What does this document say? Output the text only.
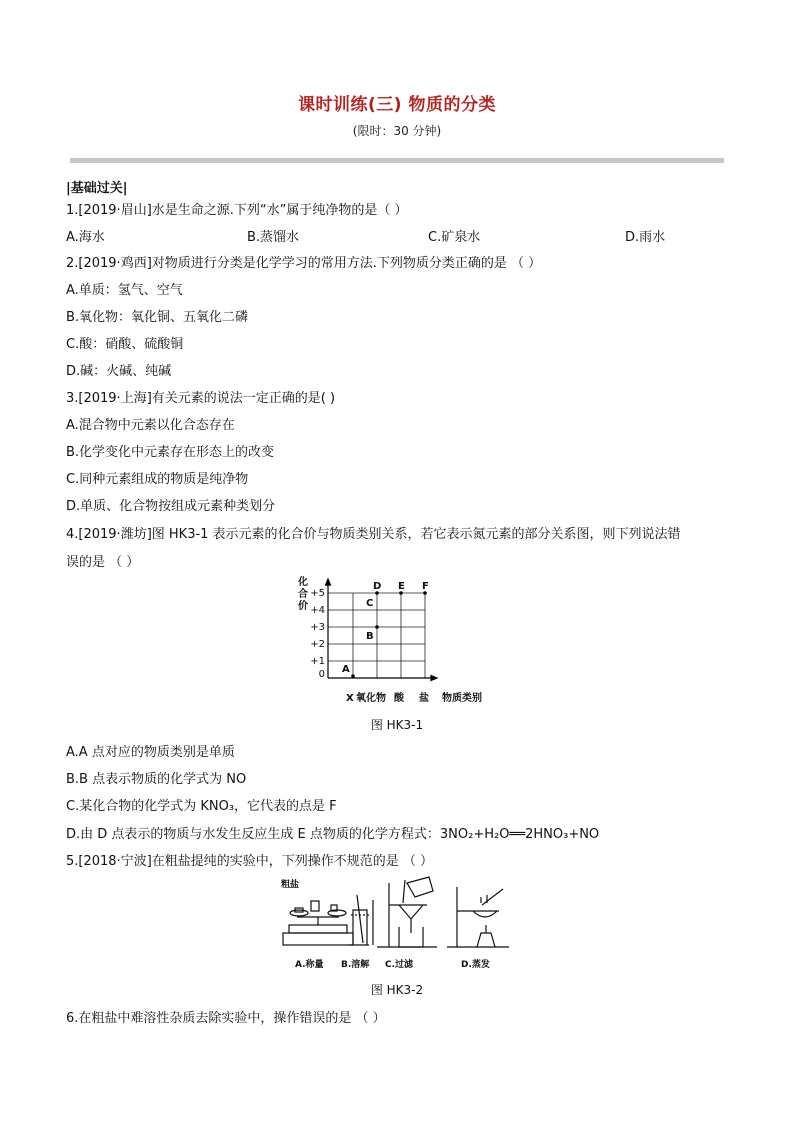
课时训练(三) 物质的分类
(限时：30 分钟)
|基础过关|
1.[2019·眉山]水是生命之源.下列“水”属于纯净物的是（ ）
A.海水	B.蒸馏水	C.矿泉水	D.雨水
2.[2019·鸡西]对物质进行分类是化学学习的常用方法.下列物质分类正确的是 （ ）
A.单质：氢气、空气
B.氧化物：氧化铜、五氧化二磷
C.酸：硝酸、硫酸铜
D.碱：火碱、纯碱
3.[2019·上海]有关元素的说法一定正确的是( )
A.混合物中元素以化合态存在
B.化学变化中元素存在形态上的改变
C.同种元素组成的物质是纯净物
D.单质、化合物按组成元素种类划分
4.[2019·潍坊]图 HK3-1 表示元素的化合价与物质类别关系，若它表示氮元素的部分关系图，则下列说法错
误的是 （ ）
化
合
价
+5
+4
+3
+2
+1
0 A
B
C
D E F
X 氧化物 酸 盐 物质类别
图 HK3-1
A.A 点对应的物质类别是单质
B.B 点表示物质的化学式为 NO
C.某化合物的化学式为 KNO₃，它代表的点是 F
D.由 D 点表示的物质与水发生反应生成 E 点物质的化学方程式：3NO₂+H₂O══2HNO₃+NO
5.[2018·宁波]在粗盐提纯的实验中，下列操作不规范的是 （ ）
粗盐
A.称量 B.溶解 C.过滤	D.蒸发
图 HK3-2
6.在粗盐中难溶性杂质去除实验中，操作错误的是 （ ）
